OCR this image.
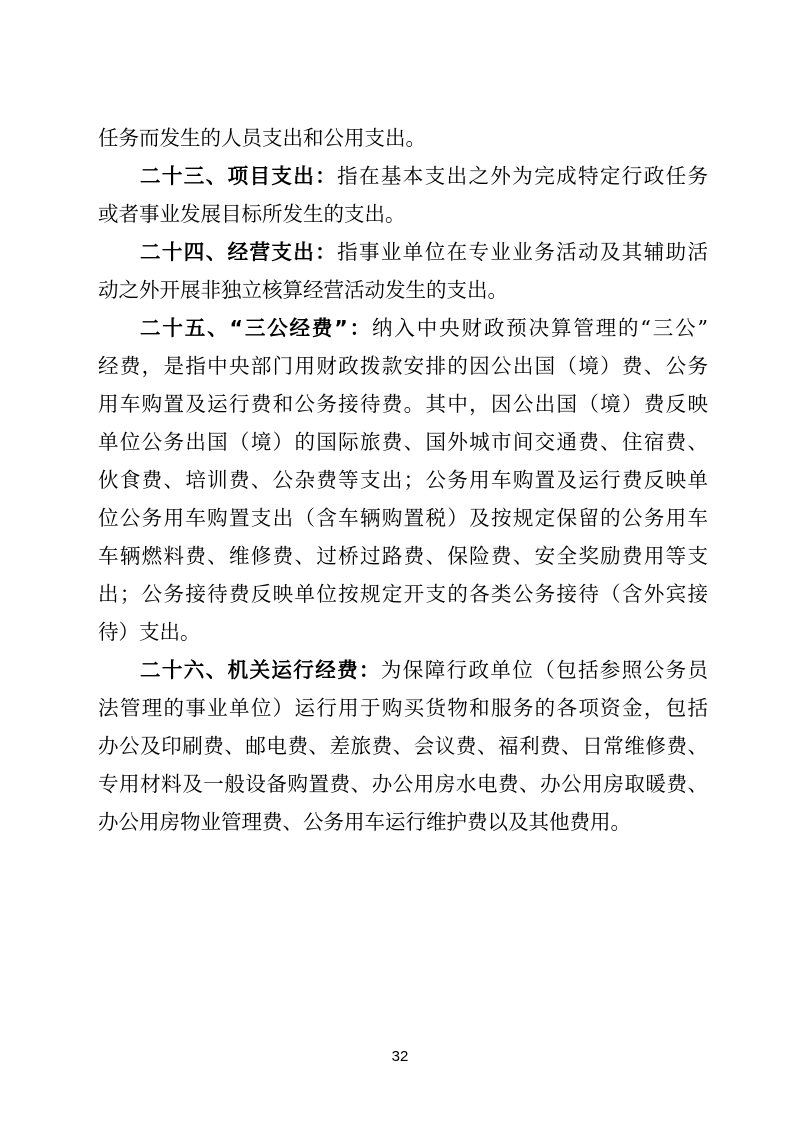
任务而发生的人员支出和公用支出。
二十三、项目支出：指在基本支出之外为完成特定行政任务
或者事业发展目标所发生的支出。
二十四、经营支出：指事业单位在专业业务活动及其辅助活
动之外开展非独立核算经营活动发生的支出。
二十五、“三公经费”：纳入中央财政预决算管理的“三公”
经费，是指中央部门用财政拨款安排的因公出国（境）费、公务
用车购置及运行费和公务接待费。其中，因公出国（境）费反映
单位公务出国（境）的国际旅费、国外城市间交通费、住宿费、
伙食费、培训费、公杂费等支出；公务用车购置及运行费反映单
位公务用车购置支出（含车辆购置税）及按规定保留的公务用车
车辆燃料费、维修费、过桥过路费、保险费、安全奖励费用等支
出；公务接待费反映单位按规定开支的各类公务接待（含外宾接
待）支出。
二十六、机关运行经费：为保障行政单位（包括参照公务员
法管理的事业单位）运行用于购买货物和服务的各项资金，包括
办公及印刷费、邮电费、差旅费、会议费、福利费、日常维修费、
专用材料及一般设备购置费、办公用房水电费、办公用房取暖费、
办公用房物业管理费、公务用车运行维护费以及其他费用。
32
